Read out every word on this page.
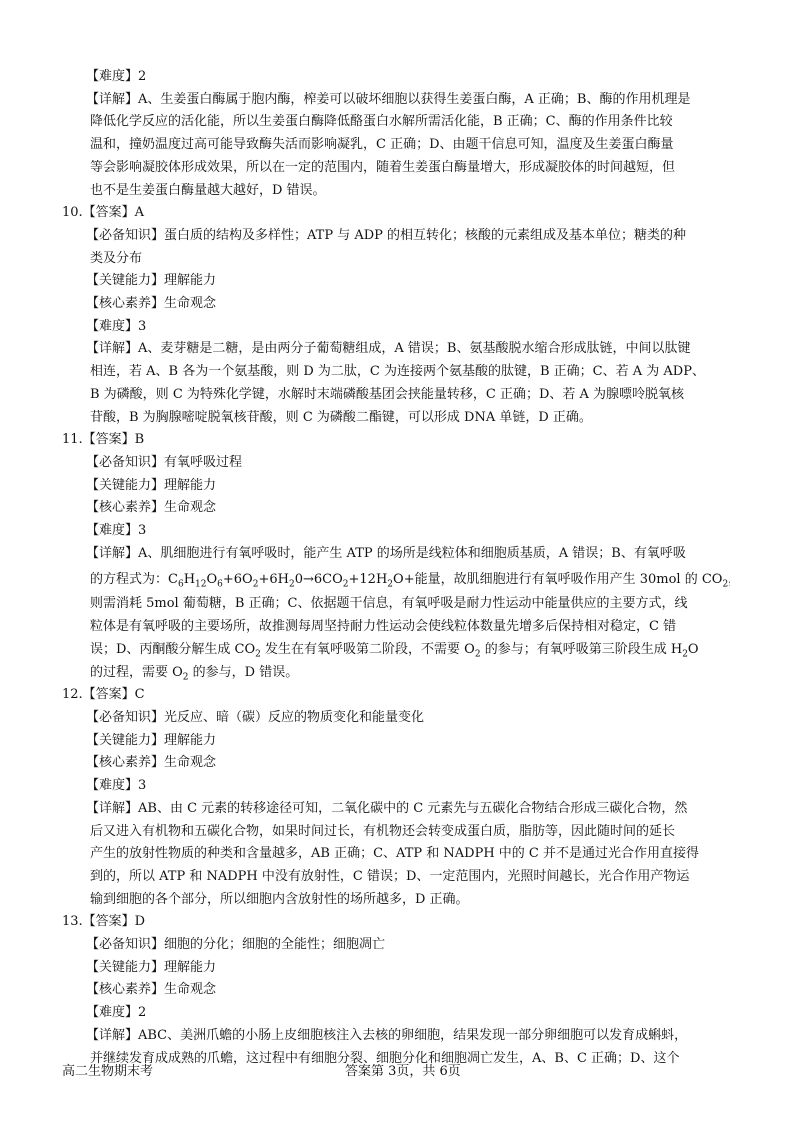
【难度】2
【详解】A、生姜蛋白酶属于胞内酶，榨姜可以破坏细胞以获得生姜蛋白酶，A 正确；B、酶的作用机理是
降低化学反应的活化能，所以生姜蛋白酶降低酪蛋白水解所需活化能，B 正确；C、酶的作用条件比较
温和，撞奶温度过高可能导致酶失活而影响凝乳，C 正确；D、由题干信息可知，温度及生姜蛋白酶量
等会影响凝胶体形成效果，所以在一定的范围内，随着生姜蛋白酶量增大，形成凝胶体的时间越短，但
也不是生姜蛋白酶量越大越好，D 错误。
10.【答案】A
【必备知识】蛋白质的结构及多样性；ATP 与 ADP 的相互转化；核酸的元素组成及基本单位；糖类的种
类及分布
【关键能力】理解能力
【核心素养】生命观念
【难度】3
【详解】A、麦芽糖是二糖，是由两分子葡萄糖组成，A 错误；B、氨基酸脱水缩合形成肽链，中间以肽键
相连，若 A、B 各为一个氨基酸，则 D 为二肽，C 为连接两个氨基酸的肽键，B 正确；C、若 A 为 ADP、
B 为磷酸，则 C 为特殊化学键，水解时末端磷酸基团会挟能量转移，C 正确；D、若 A 为腺嘌呤脱氧核
苷酸，B 为胸腺嘧啶脱氧核苷酸，则 C 为磷酸二酯键，可以形成 DNA 单链，D 正确。
11.【答案】B
【必备知识】有氧呼吸过程
【关键能力】理解能力
【核心素养】生命观念
【难度】3
【详解】A、肌细胞进行有氧呼吸时，能产生 ATP 的场所是线粒体和细胞质基质，A 错误；B、有氧呼吸
的方程式为：$C_6H_{12}O_6+6O_2+6H_20$
$\to 6CO_2+12H_2O+$能量，故肌细胞进行有氧呼吸作用产生 30mol 的 $CO_2$
则需消耗 5mol 葡萄糖，B 正确；C、依据题干信息，有氧呼吸是耐力性运动中能量供应的主要方式，线
粒体是有氧呼吸的主要场所，故推测每周坚持耐力性运动会使线粒体数量先增多后保持相对稳定，C 错
误；D、丙酮酸分解生成 $CO_2$ 发生在有氧呼吸第二阶段，不需要 $O_2$ 的参与；有氧呼吸第三阶段生成 $H_2O$
的过程，需要 $O_2$ 的参与，D 错误。
12.【答案】C
【必备知识】光反应、暗（碳）反应的物质变化和能量变化
【关键能力】理解能力
【核心素养】生命观念
【难度】3
【详解】AB、由 C 元素的转移途径可知，二氧化碳中的 C 元素先与五碳化合物结合形成三碳化合物，然
后又进入有机物和五碳化合物，如果时间过长，有机物还会转变成蛋白质，脂肪等，因此随时间的延长
产生的放射性物质的种类和含量越多，AB 正确；C、ATP 和 NADPH 中的 C 并不是通过光合作用直接得
到的，所以 ATP 和 NADPH 中没有放射性，C 错误；D、一定范围内，光照时间越长，光合作用产物运
输到细胞的各个部分，所以细胞内含放射性的场所越多，D 正确。
13.【答案】D
【必备知识】细胞的分化；细胞的全能性；细胞凋亡
【关键能力】理解能力
【核心素养】生命观念
【难度】2
【详解】ABC、美洲爪蟾的小肠上皮细胞核注入去核的卵细胞，结果发现一部分卵细胞可以发育成蝌蚪，
并继续发育成成熟的爪蟾，这过程中有细胞分裂、细胞分化和细胞凋亡发生，A、B、C 正确；D、这个
高二生物期末考	答案第 3页，共 6页
